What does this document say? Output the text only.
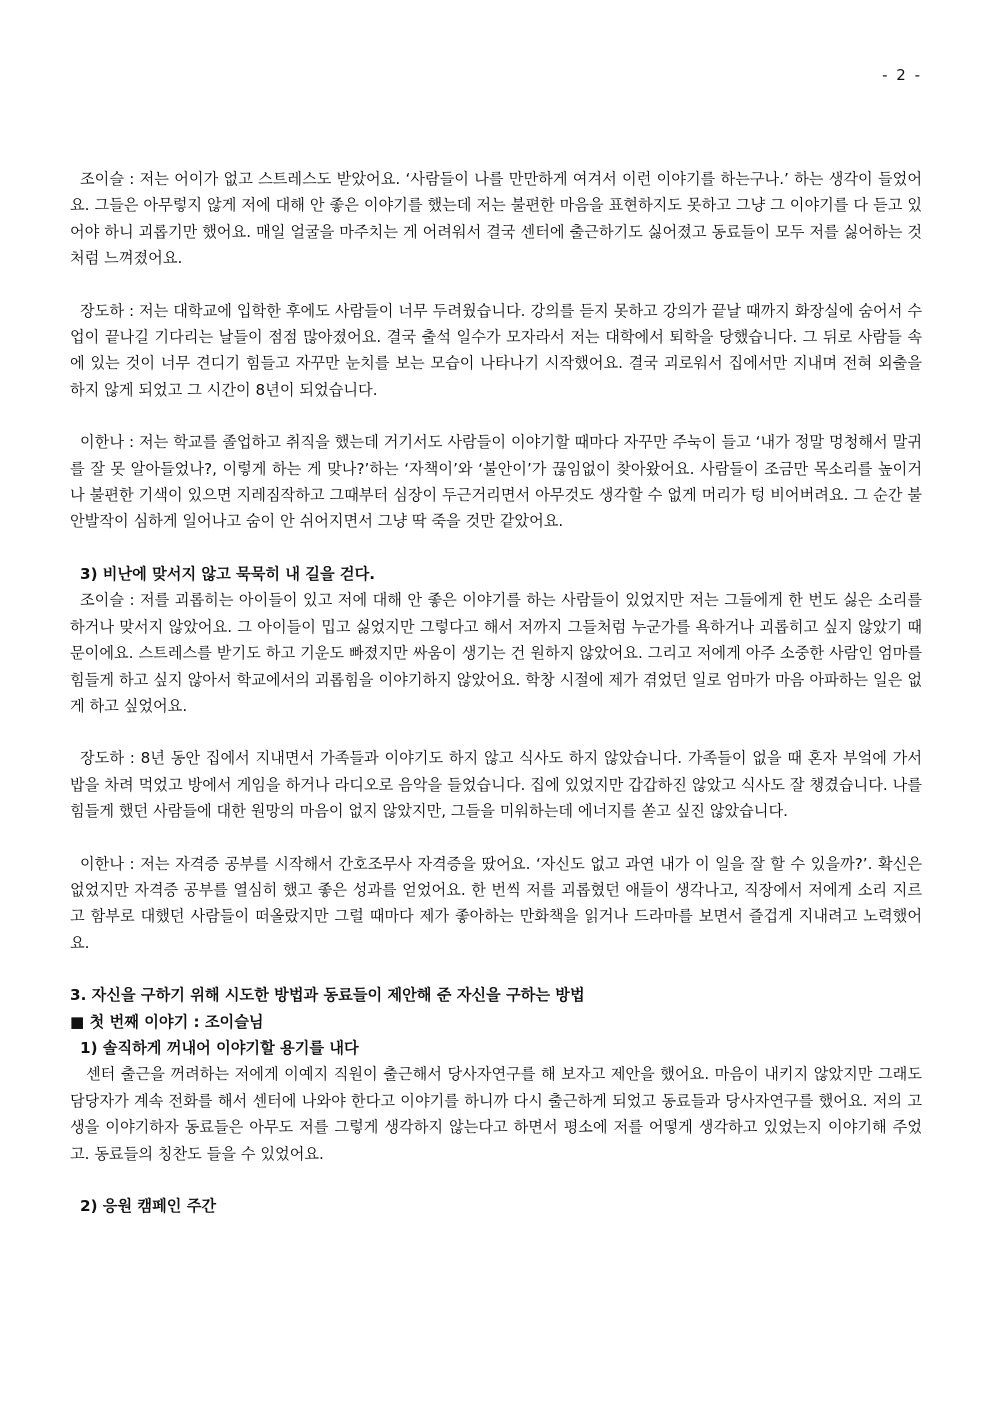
- 2 -

조이슬 : 저는 어이가 없고 스트레스도 받았어요. ‘사람들이 나를 만만하게 여겨서 이런 이야기를 하는구나.’ 하는 생각이 들었어요. 그들은 아무렇지 않게 저에 대해 안 좋은 이야기를 했는데 저는 불편한 마음을 표현하지도 못하고 그냥 그 이야기를 다 듣고 있어야 하니 괴롭기만 했어요. 매일 얼굴을 마주치는 게 어려워서 결국 센터에 출근하기도 싫어졌고 동료들이 모두 저를 싫어하는 것처럼 느껴졌어요.

장도하 : 저는 대학교에 입학한 후에도 사람들이 너무 두려웠습니다. 강의를 듣지 못하고 강의가 끝날 때까지 화장실에 숨어서 수업이 끝나길 기다리는 날들이 점점 많아졌어요. 결국 출석 일수가 모자라서 저는 대학에서 퇴학을 당했습니다. 그 뒤로 사람들 속에 있는 것이 너무 견디기 힘들고 자꾸만 눈치를 보는 모습이 나타나기 시작했어요. 결국 괴로워서 집에서만 지내며 전혀 외출을 하지 않게 되었고 그 시간이 8년이 되었습니다.

이한나 : 저는 학교를 졸업하고 취직을 했는데 거기서도 사람들이 이야기할 때마다 자꾸만 주눅이 들고 ‘내가 정말 멍청해서 말귀를 잘 못 알아들었나?, 이렇게 하는 게 맞나?’하는 ‘자책이’와 ‘불안이’가 끊임없이 찾아왔어요. 사람들이 조금만 목소리를 높이거나 불편한 기색이 있으면 지레짐작하고 그때부터 심장이 두근거리면서 아무것도 생각할 수 없게 머리가 텅 비어버려요. 그 순간 불안발작이 심하게 일어나고 숨이 안 쉬어지면서 그냥 딱 죽을 것만 같았어요.

3) 비난에 맞서지 않고 묵묵히 내 길을 걷다.

조이슬 : 저를 괴롭히는 아이들이 있고 저에 대해 안 좋은 이야기를 하는 사람들이 있었지만 저는 그들에게 한 번도 싫은 소리를 하거나 맞서지 않았어요. 그 아이들이 밉고 싫었지만 그렇다고 해서 저까지 그들처럼 누군가를 욕하거나 괴롭히고 싶지 않았기 때문이에요. 스트레스를 받기도 하고 기운도 빠졌지만 싸움이 생기는 건 원하지 않았어요. 그리고 저에게 아주 소중한 사람인 엄마를 힘들게 하고 싶지 않아서 학교에서의 괴롭힘을 이야기하지 않았어요. 학창 시절에 제가 겪었던 일로 엄마가 마음 아파하는 일은 없게 하고 싶었어요.

장도하 : 8년 동안 집에서 지내면서 가족들과 이야기도 하지 않고 식사도 하지 않았습니다. 가족들이 없을 때 혼자 부엌에 가서 밥을 차려 먹었고 방에서 게임을 하거나 라디오로 음악을 들었습니다. 집에 있었지만 갑갑하진 않았고 식사도 잘 챙겼습니다. 나를 힘들게 했던 사람들에 대한 원망의 마음이 없지 않았지만, 그들을 미워하는데 에너지를 쏟고 싶진 않았습니다.

이한나 : 저는 자격증 공부를 시작해서 간호조무사 자격증을 땄어요. ‘자신도 없고 과연 내가 이 일을 잘 할 수 있을까?’. 확신은 없었지만 자격증 공부를 열심히 했고 좋은 성과를 얻었어요. 한 번씩 저를 괴롭혔던 애들이 생각나고, 직장에서 저에게 소리 지르고 함부로 대했던 사람들이 떠올랐지만 그럴 때마다 제가 좋아하는 만화책을 읽거나 드라마를 보면서 즐겁게 지내려고 노력했어요.

3. 자신을 구하기 위해 시도한 방법과 동료들이 제안해 준 자신을 구하는 방법

■ 첫 번째 이야기 : 조이슬님

1) 솔직하게 꺼내어 이야기할 용기를 내다

센터 출근을 꺼려하는 저에게 이예지 직원이 출근해서 당사자연구를 해 보자고 제안을 했어요. 마음이 내키지 않았지만 그래도 담당자가 계속 전화를 해서 센터에 나와야 한다고 이야기를 하니까 다시 출근하게 되었고 동료들과 당사자연구를 했어요. 저의 고생을 이야기하자 동료들은 아무도 저를 그렇게 생각하지 않는다고 하면서 평소에 저를 어떻게 생각하고 있었는지 이야기해 주었고. 동료들의 칭찬도 들을 수 있었어요.

2) 응원 캠페인 주간
